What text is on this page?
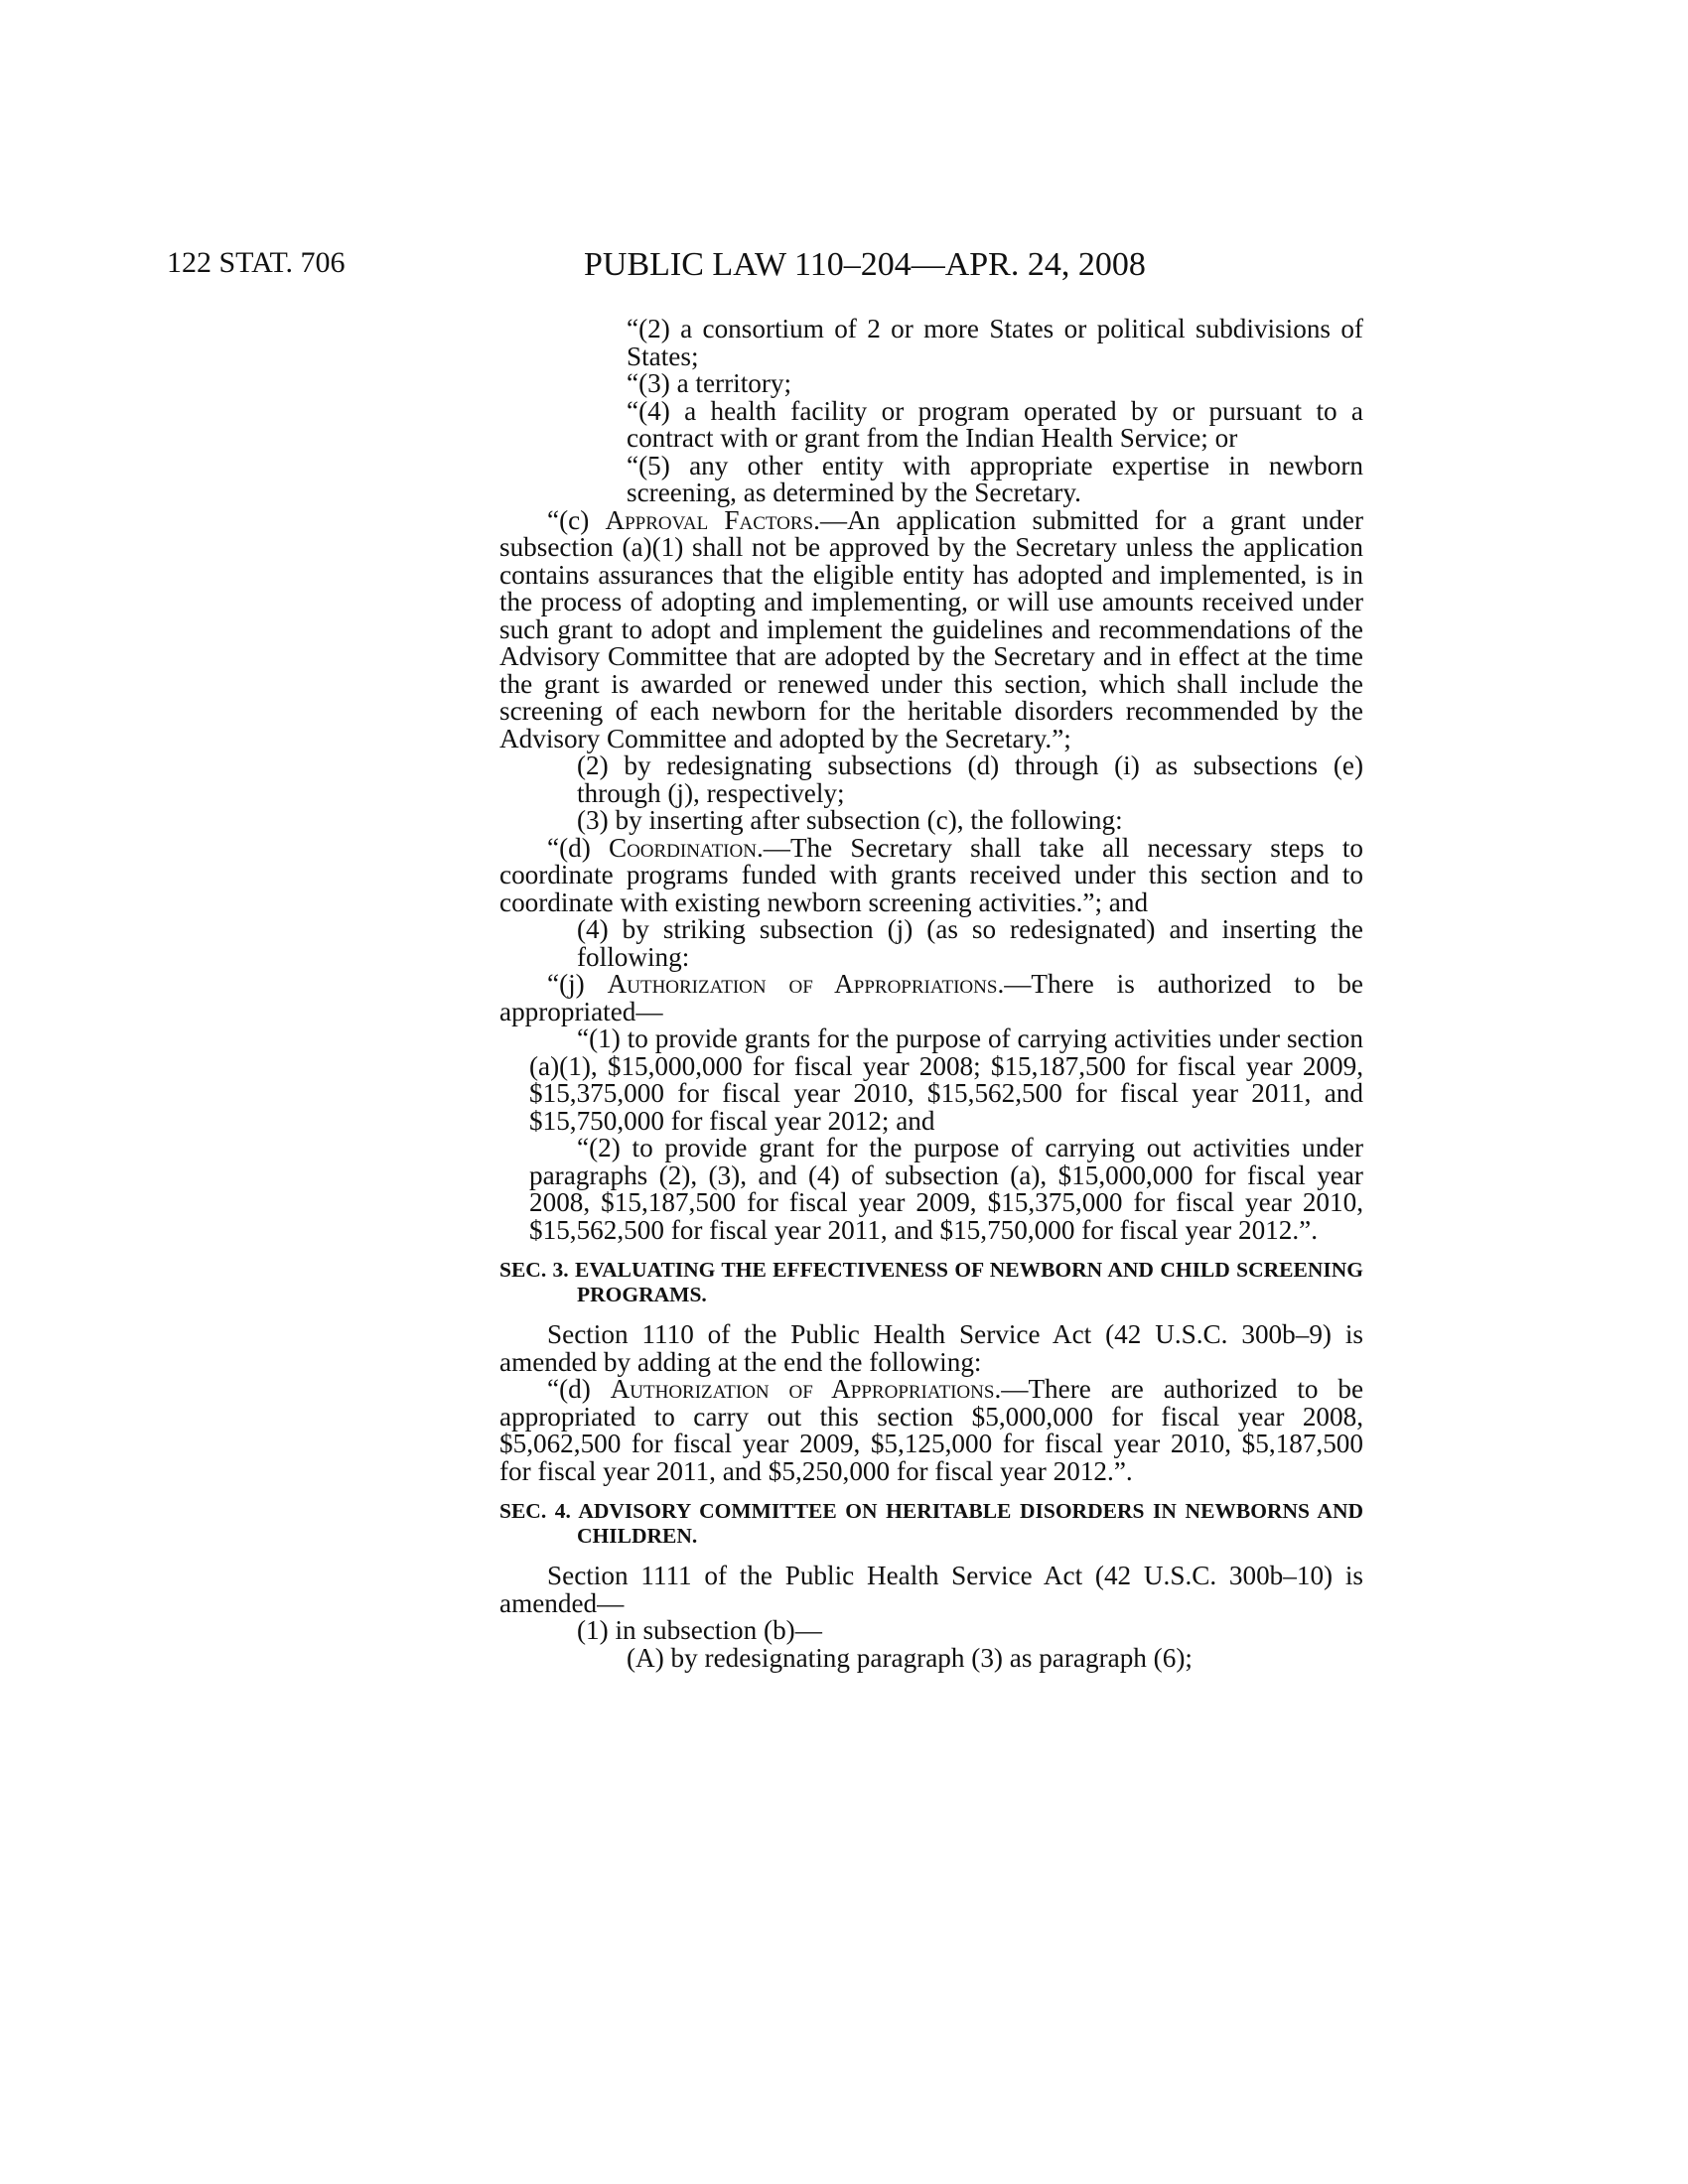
122 STAT. 706	PUBLIC LAW 110–204—APR. 24, 2008

“(2) a consortium of 2 or more States or political subdivisions of States;

“(3) a territory;

“(4) a health facility or program operated by or pursuant to a contract with or grant from the Indian Health Service; or

“(5) any other entity with appropriate expertise in newborn screening, as determined by the Secretary.

“(c) Approval Factors.—An application submitted for a grant under subsection (a)(1) shall not be approved by the Secretary unless the application contains assurances that the eligible entity has adopted and implemented, is in the process of adopting and implementing, or will use amounts received under such grant to adopt and implement the guidelines and recommendations of the Advisory Committee that are adopted by the Secretary and in effect at the time the grant is awarded or renewed under this section, which shall include the screening of each newborn for the heritable disorders recommended by the Advisory Committee and adopted by the Secretary.”;

(2) by redesignating subsections (d) through (i) as subsections (e) through (j), respectively;

(3) by inserting after subsection (c), the following:

“(d) Coordination.—The Secretary shall take all necessary steps to coordinate programs funded with grants received under this section and to coordinate with existing newborn screening activities.”; and

(4) by striking subsection (j) (as so redesignated) and inserting the following:

“(j) Authorization of Appropriations.—There is authorized to be appropriated—

“(1) to provide grants for the purpose of carrying activities under section (a)(1), $15,000,000 for fiscal year 2008; $15,187,500 for fiscal year 2009, $15,375,000 for fiscal year 2010, $15,562,500 for fiscal year 2011, and $15,750,000 for fiscal year 2012; and

“(2) to provide grant for the purpose of carrying out activities under paragraphs (2), (3), and (4) of subsection (a), $15,000,000 for fiscal year 2008, $15,187,500 for fiscal year 2009, $15,375,000 for fiscal year 2010, $15,562,500 for fiscal year 2011, and $15,750,000 for fiscal year 2012.”.

SEC. 3. EVALUATING THE EFFECTIVENESS OF NEWBORN AND CHILD SCREENING PROGRAMS.

Section 1110 of the Public Health Service Act (42 U.S.C. 300b–9) is amended by adding at the end the following:

“(d) Authorization of Appropriations.—There are authorized to be appropriated to carry out this section $5,000,000 for fiscal year 2008, $5,062,500 for fiscal year 2009, $5,125,000 for fiscal year 2010, $5,187,500 for fiscal year 2011, and $5,250,000 for fiscal year 2012.”.

SEC. 4. ADVISORY COMMITTEE ON HERITABLE DISORDERS IN NEWBORNS AND CHILDREN.

Section 1111 of the Public Health Service Act (42 U.S.C. 300b–10) is amended—

(1) in subsection (b)—

(A) by redesignating paragraph (3) as paragraph (6);
